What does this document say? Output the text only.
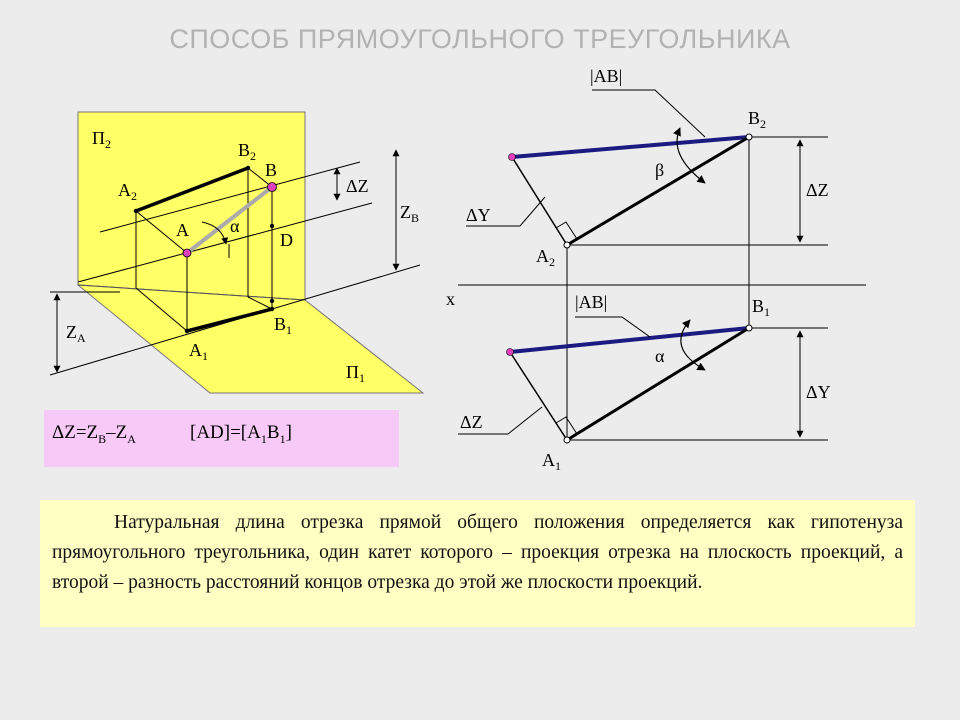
СПОСОБ ПРЯМОУГОЛЬНОГО ТРЕУГОЛЬНИКА
$П_2$
$П_1$
$A_2$
$B_2$
B
A α
D
$A_1$
$B_1$
ΔZ
$Z_B$
$Z_A$
|AB|
$B_2$
β
ΔZ
ΔY
$A_2$
x	|AB|	$B_1$
α
ΔY
ΔZ
$A_1$
$\Delta Z=Z_B-Z_A$	$[AD]=[A_1B_1]$

Натуральная длина отрезка прямой общего положения определяется как гипотенуза прямоугольного треугольника, один катет которого – проекция отрезка на плоскость проекций, а второй – разность расстояний концов отрезка до этой же плоскости проекций.
